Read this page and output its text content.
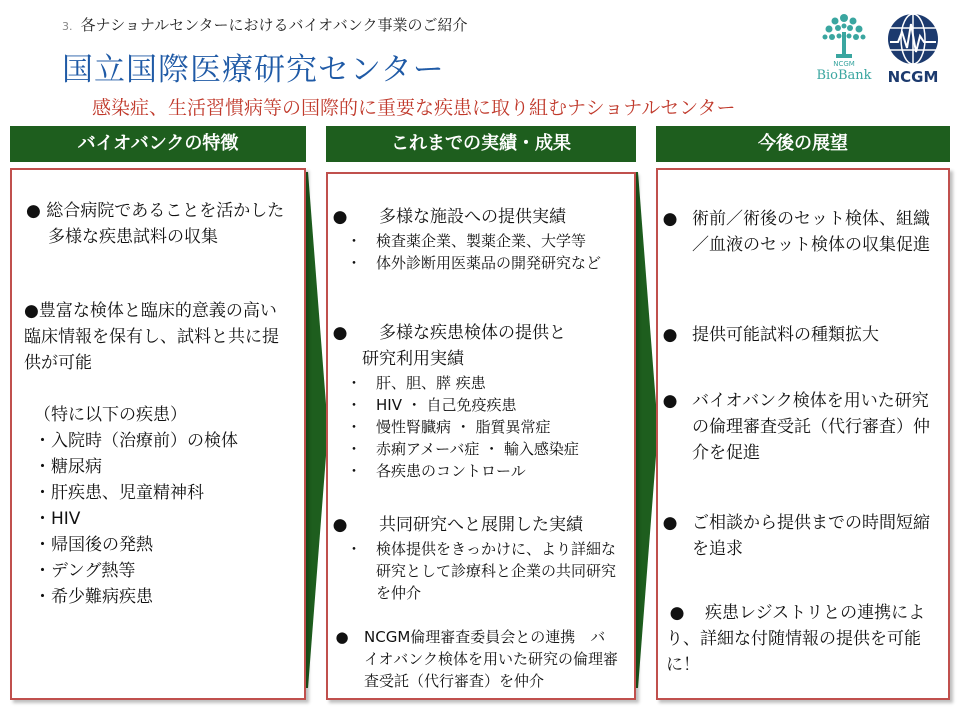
3. 各ナショナルセンターにおけるバイオバンク事業のご紹介
国立国際医療研究センター
感染症、生活習慣病等の国際的に重要な疾患に取り組むナショナルセンター
NCGM
BioBank	NCGM
バイオバンクの特徴	これまでの実績・成果	今後の展望
● 総合病院であることを活かした多様な疾患試料の収集
●豊富な検体と臨床的意義の高い臨床情報を保有し、試料と共に提供が可能
（特に以下の疾患）
・入院時（治療前）の検体
・糖尿病
・肝疾患、児童精神科
・HIV
・帰国後の発熱
・デング熱等
・希少難病疾患
●　 多様な施設への提供実績
・ 検査薬企業、製薬企業、大学等
・ 体外診断用医薬品の開発研究など
●　 多様な疾患検体の提供と研究利用実績
・ 肝、胆、膵 疾患
・ HIV ・ 自己免疫疾患
・ 慢性腎臓病 ・ 脂質異常症
・ 赤痢アメーバ症 ・ 輸入感染症
・ 各疾患のコントロール
●　 共同研究へと展開した実績
・ 検体提供をきっかけに、より詳細な研究として診療科と企業の共同研究を仲介
● NCGM倫理審査委員会との連携　バイオバンク検体を用いた研究の倫理審査受託（代行審査）を仲介
● 術前／術後のセット検体、組織／血液のセット検体の収集促進
● 提供可能試料の種類拡大
● バイオバンク検体を用いた研究の倫理審査受託（代行審査）仲介を促進
● ご相談から提供までの時間短縮を追求
●　 疾患レジストリとの連携により、詳細な付随情報の提供を可能に！
